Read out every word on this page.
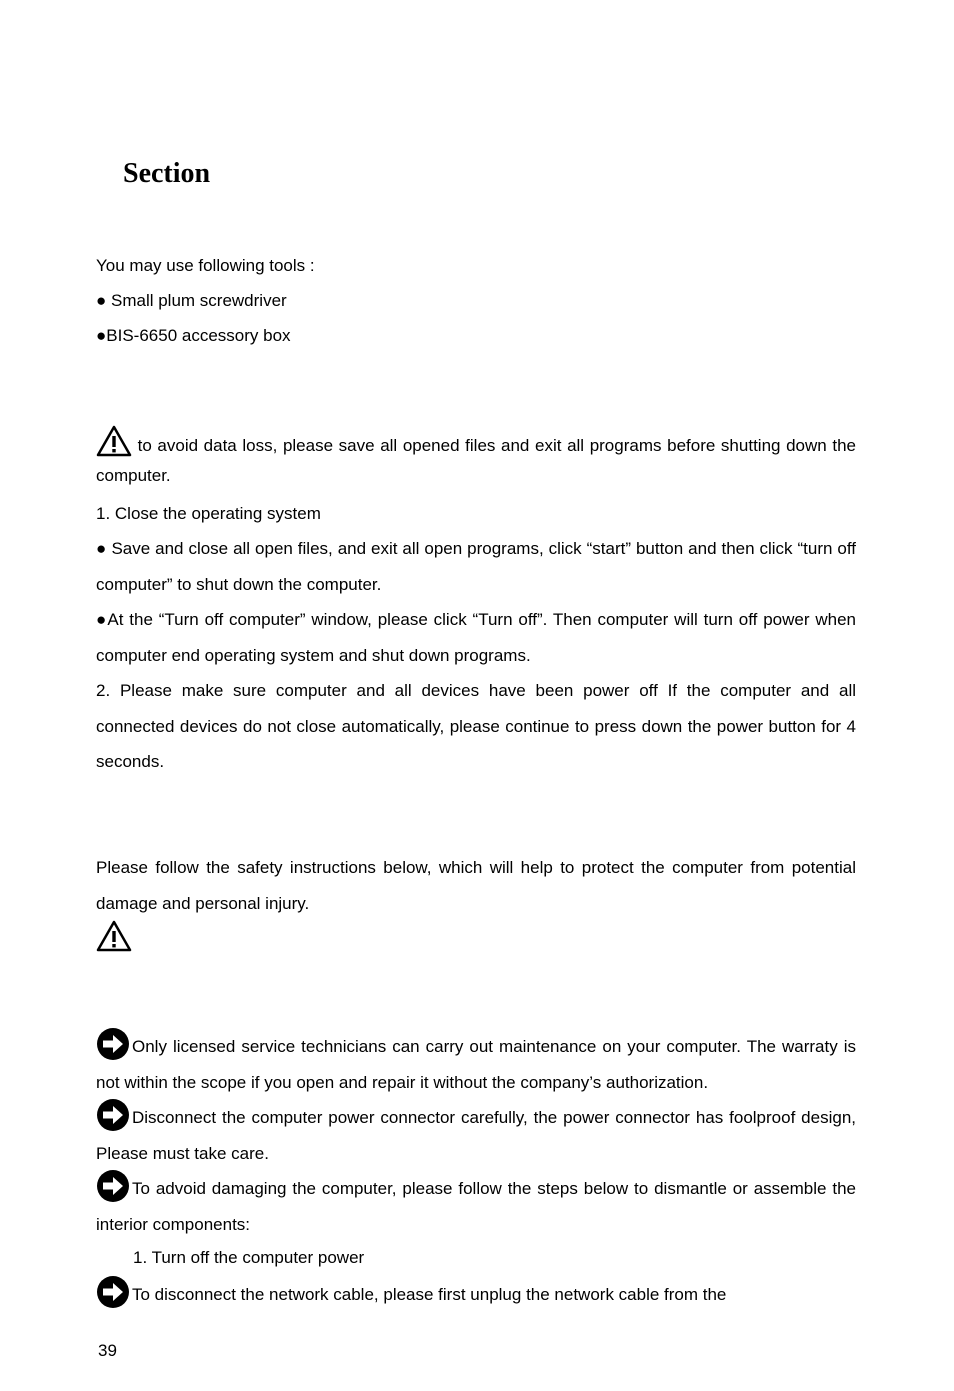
Section
You may use following tools :
● Small plum screwdriver
●BIS-6650 accessory box
to avoid data loss, please save all opened files and exit all programs before shutting down the computer.
1. Close the operating system
● Save and close all open files, and exit all open programs, click “start” button and then click “turn off computer” to shut down the computer.
●At the “Turn off computer” window, please click “Turn off”. Then computer will turn off power when computer end operating system and shut down programs.
2. Please make sure computer and all devices have been power off If the computer and all connected devices do not close automatically, please continue to press down the power button for 4 seconds.
Please follow the safety instructions below, which will help to protect the computer from potential damage and personal injury.
Only licensed service technicians can carry out maintenance on your computer. The warraty is not within the scope if you open and repair it without the company’s authorization.
Disconnect the computer power connector carefully, the power connector has foolproof design, Please must take care.
To advoid damaging the computer, please follow the steps below to dismantle or assemble the interior components:
1. Turn off the computer power
To disconnect the network cable, please first unplug the network cable from the
39
